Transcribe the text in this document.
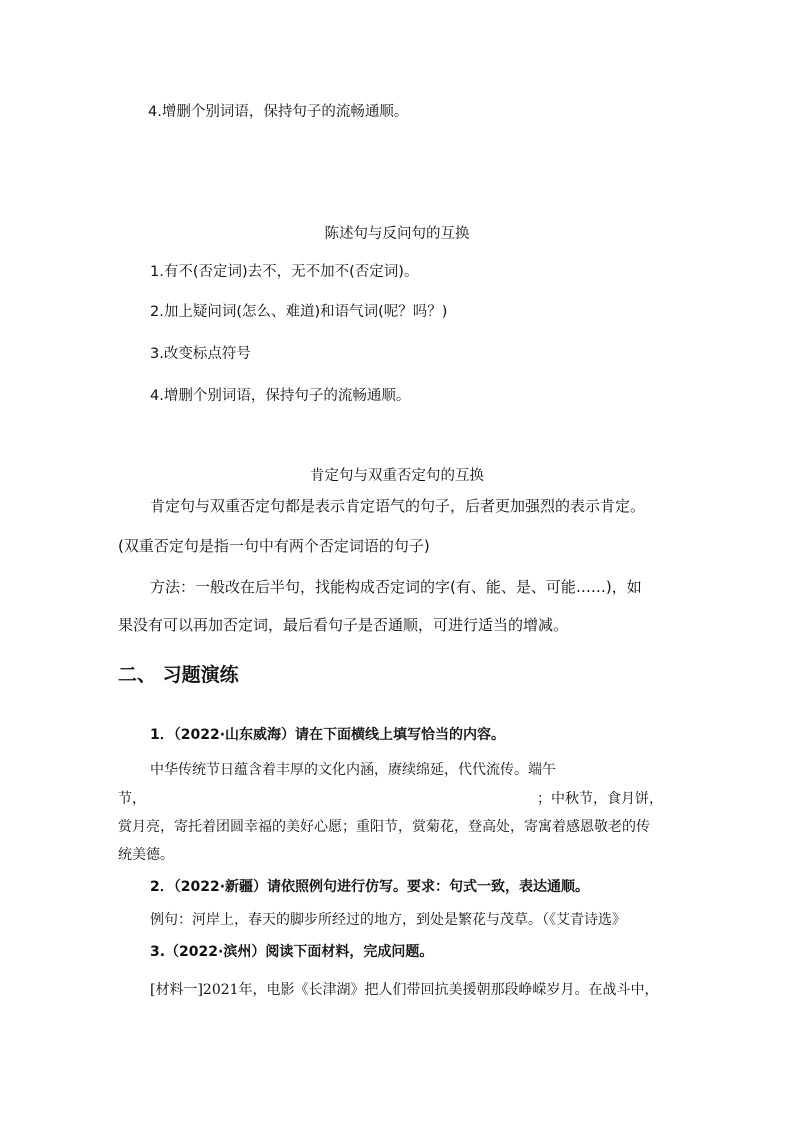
4.增删个别词语，保持句子的流畅通顺。
陈述句与反问句的互换
1.有不(否定词)去不，无不加不(否定词)。
2.加上疑问词(怎么、难道)和语气词(呢？吗？)
3.改变标点符号
4.增删个别词语，保持句子的流畅通顺。
肯定句与双重否定句的互换
肯定句与双重否定句都是表示肯定语气的句子，后者更加强烈的表示肯定。
(双重否定句是指一句中有两个否定词语的句子)
方法：一般改在后半句，找能构成否定词的字(有、能、是、可能……)，如
果没有可以再加否定词，最后看句子是否通顺，可进行适当的增减。
二、 习题演练
1．（2022·山东威海）请在下面横线上填写恰当的内容。
中华传统节日蕴含着丰厚的文化内涵，赓续绵延，代代流传。端午
节，	；中秋节，食月饼，
赏月亮，寄托着团圆幸福的美好心愿；重阳节，赏菊花，登高处，寄寓着感恩敬老的传
统美德。
2．（2022·新疆）请依照例句进行仿写。要求：句式一致，表达通顺。
例句：河岸上，春天的脚步所经过的地方，到处是繁花与茂草。（《艾青诗选》
3.（2022·滨州）阅读下面材料，完成问题。
[材料一]2021年，电影《长津湖》把人们带回抗美援朝那段峥嵘岁月。在战斗中，
